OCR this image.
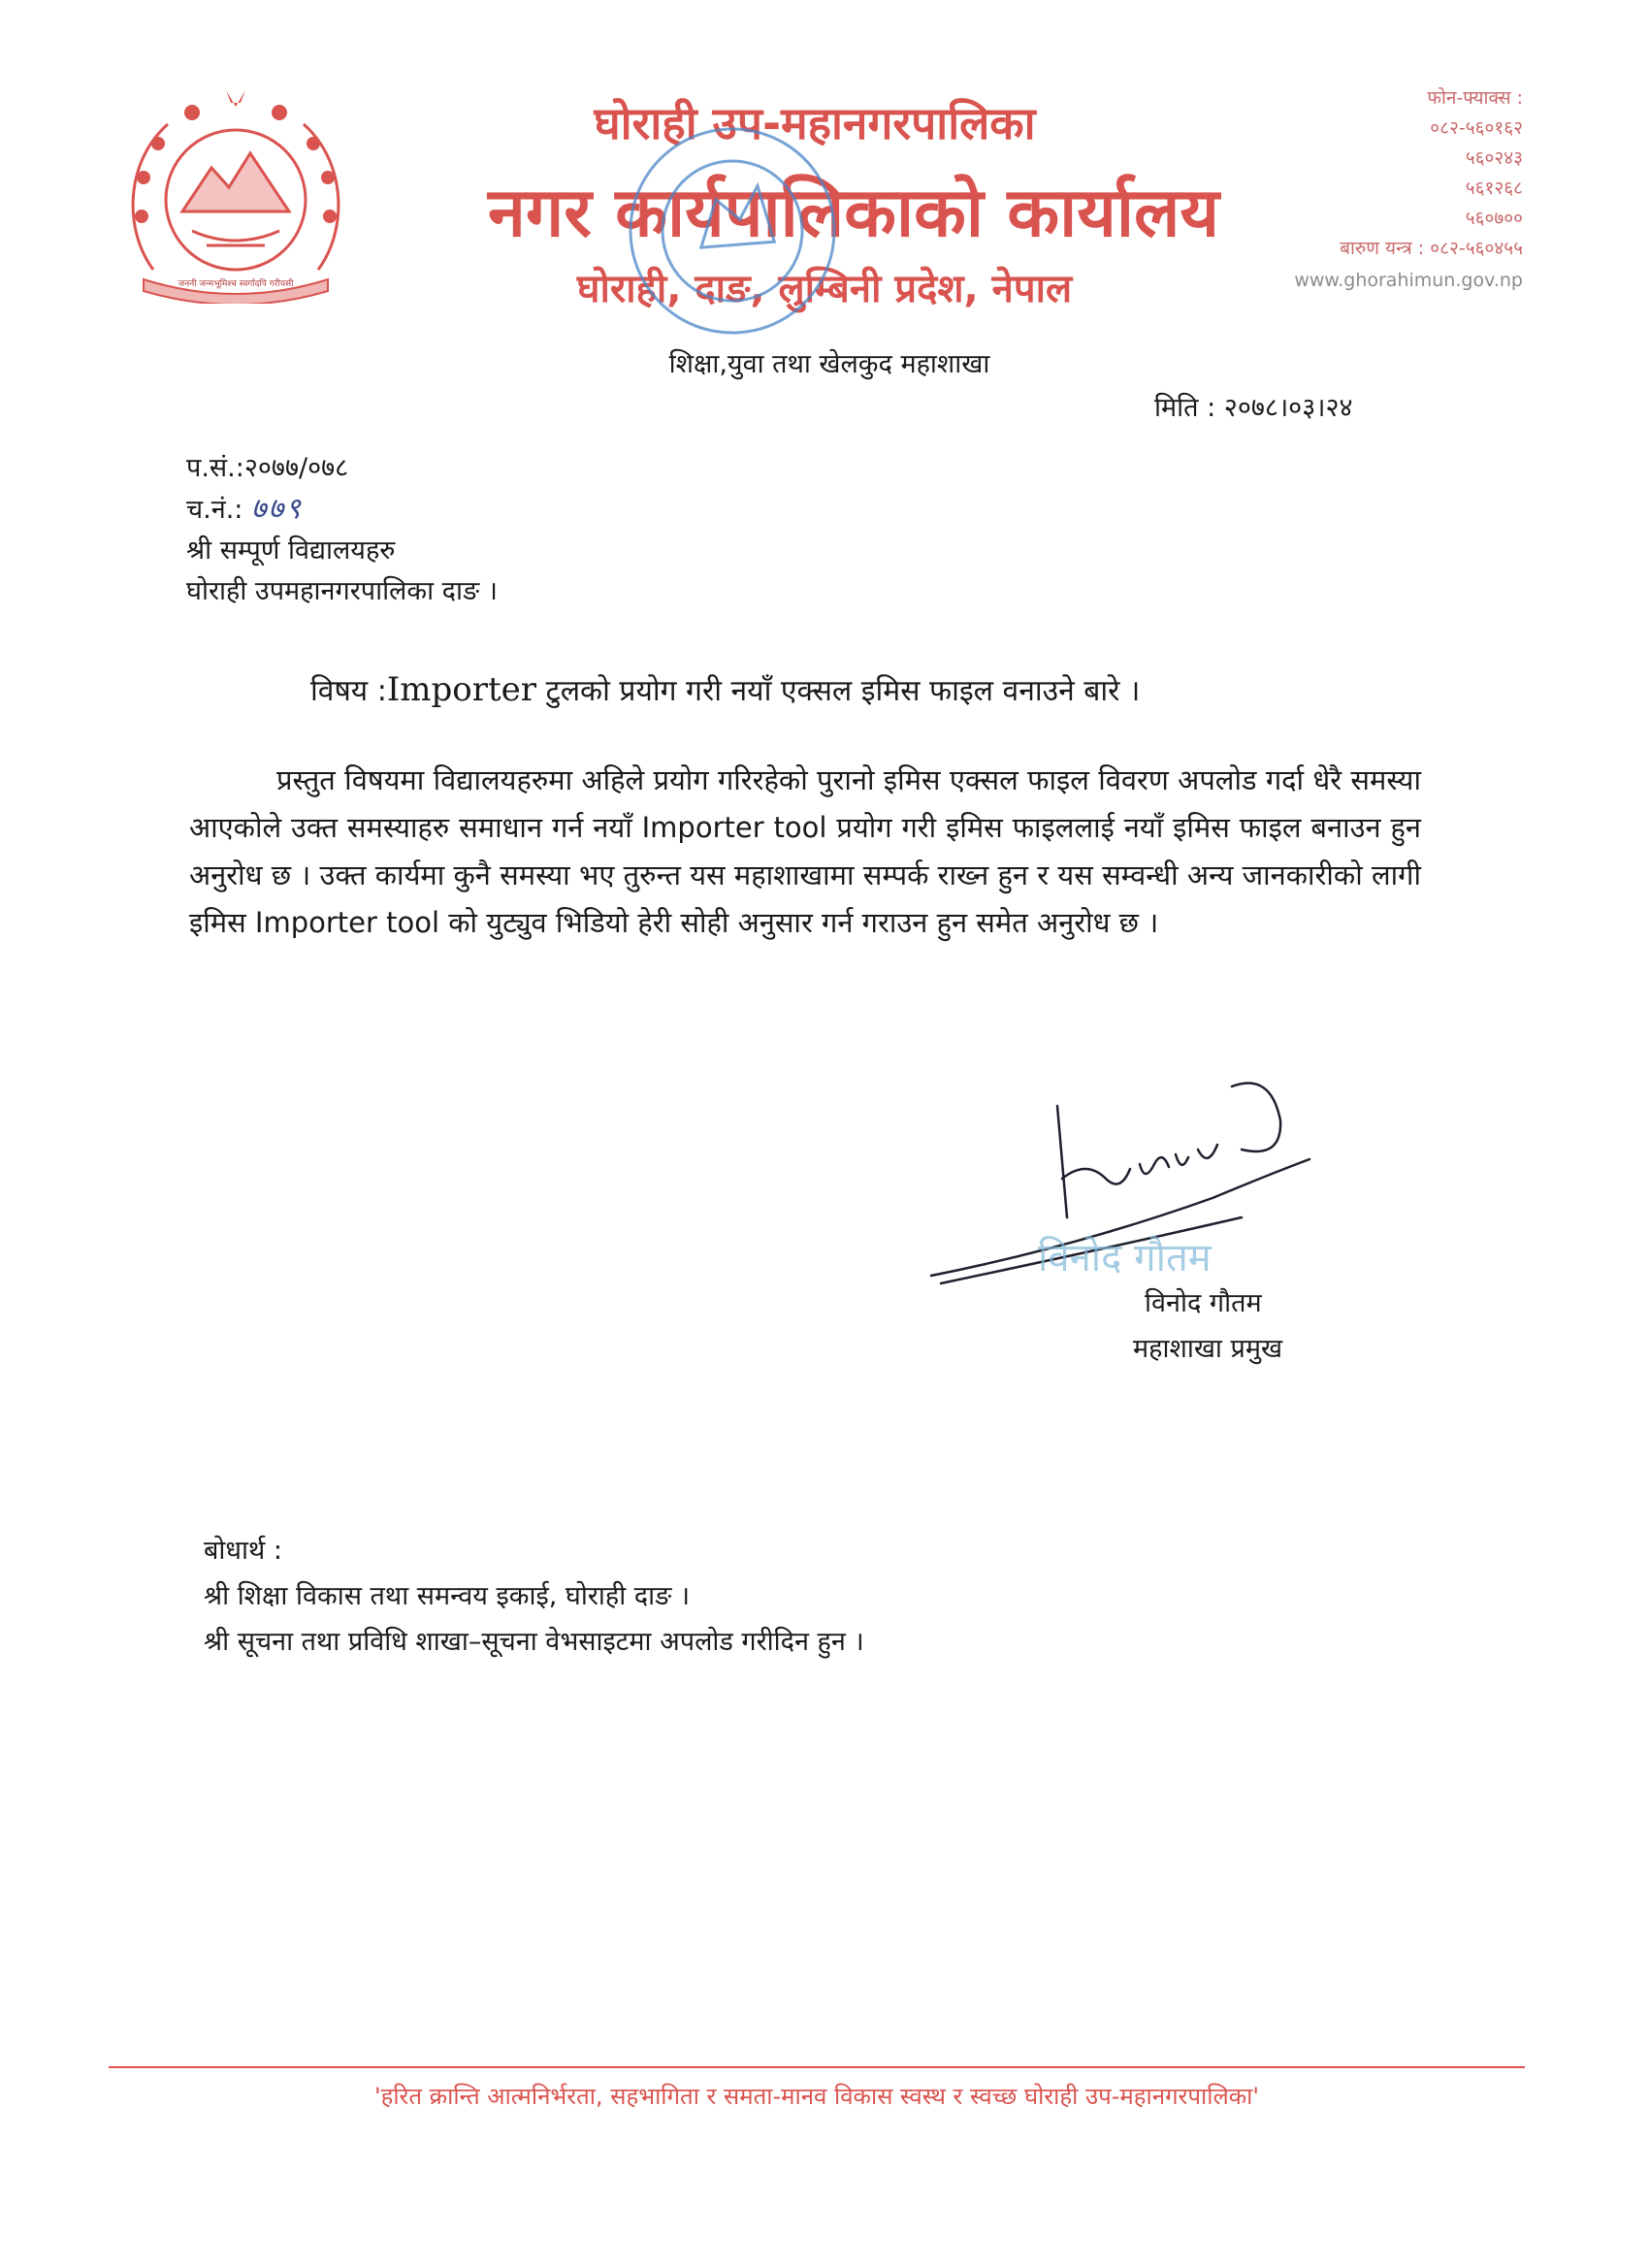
जननी जन्मभूमिश्च स्वर्गादपि गरीयसी
घोराही उप-महानगरपालिका
नगर कार्यपालिकाको कार्यालय
घोराही, दाङ, लुम्बिनी प्रदेश, नेपाल
फोन-फ्याक्स :
०८२-५६०१६२
५६०२४३
५६१२६८
५६०७००
बारुण यन्त्र : ०८२-५६०४५५
www.ghorahimun.gov.np
शिक्षा,युवा तथा खेलकुद महाशाखा
मिति : २०७८।०३।२४
प.सं.:२०७७/०७८
च.नं.: ७७९
श्री सम्पूर्ण विद्यालयहरु
घोराही उपमहानगरपालिका दाङ ।
विषय :Importer टुलको प्रयोग गरी नयाँ एक्सल इमिस फाइल वनाउने बारे ।
प्रस्तुत विषयमा विद्यालयहरुमा अहिले प्रयोग गरिरहेको पुरानो इमिस एक्सल फाइल विवरण अपलोड गर्दा धेरै समस्या आएकोले उक्त समस्याहरु समाधान गर्न नयाँ Importer tool प्रयोग गरी इमिस फाइललाई नयाँ इमिस फाइल बनाउन हुन अनुरोध छ । उक्त कार्यमा कुनै समस्या भए तुरुन्त यस महाशाखामा सम्पर्क राख्न हुन र यस सम्वन्धी अन्य जानकारीको लागी इमिस Importer tool को युट्युव भिडियो हेरी सोही अनुसार गर्न गराउन हुन समेत अनुरोध छ ।
विनोद गौतम
विनोद गौतम
महाशाखा प्रमुख
बोधार्थ :
श्री शिक्षा विकास तथा समन्वय इकाई, घोराही दाङ ।
श्री सूचना तथा प्रविधि शाखा–सूचना वेभसाइटमा अपलोड गरीदिन हुन ।
'हरित क्रान्ति आत्मनिर्भरता, सहभागिता र समता-मानव विकास स्वस्थ र स्वच्छ घोराही उप-महानगरपालिका'
